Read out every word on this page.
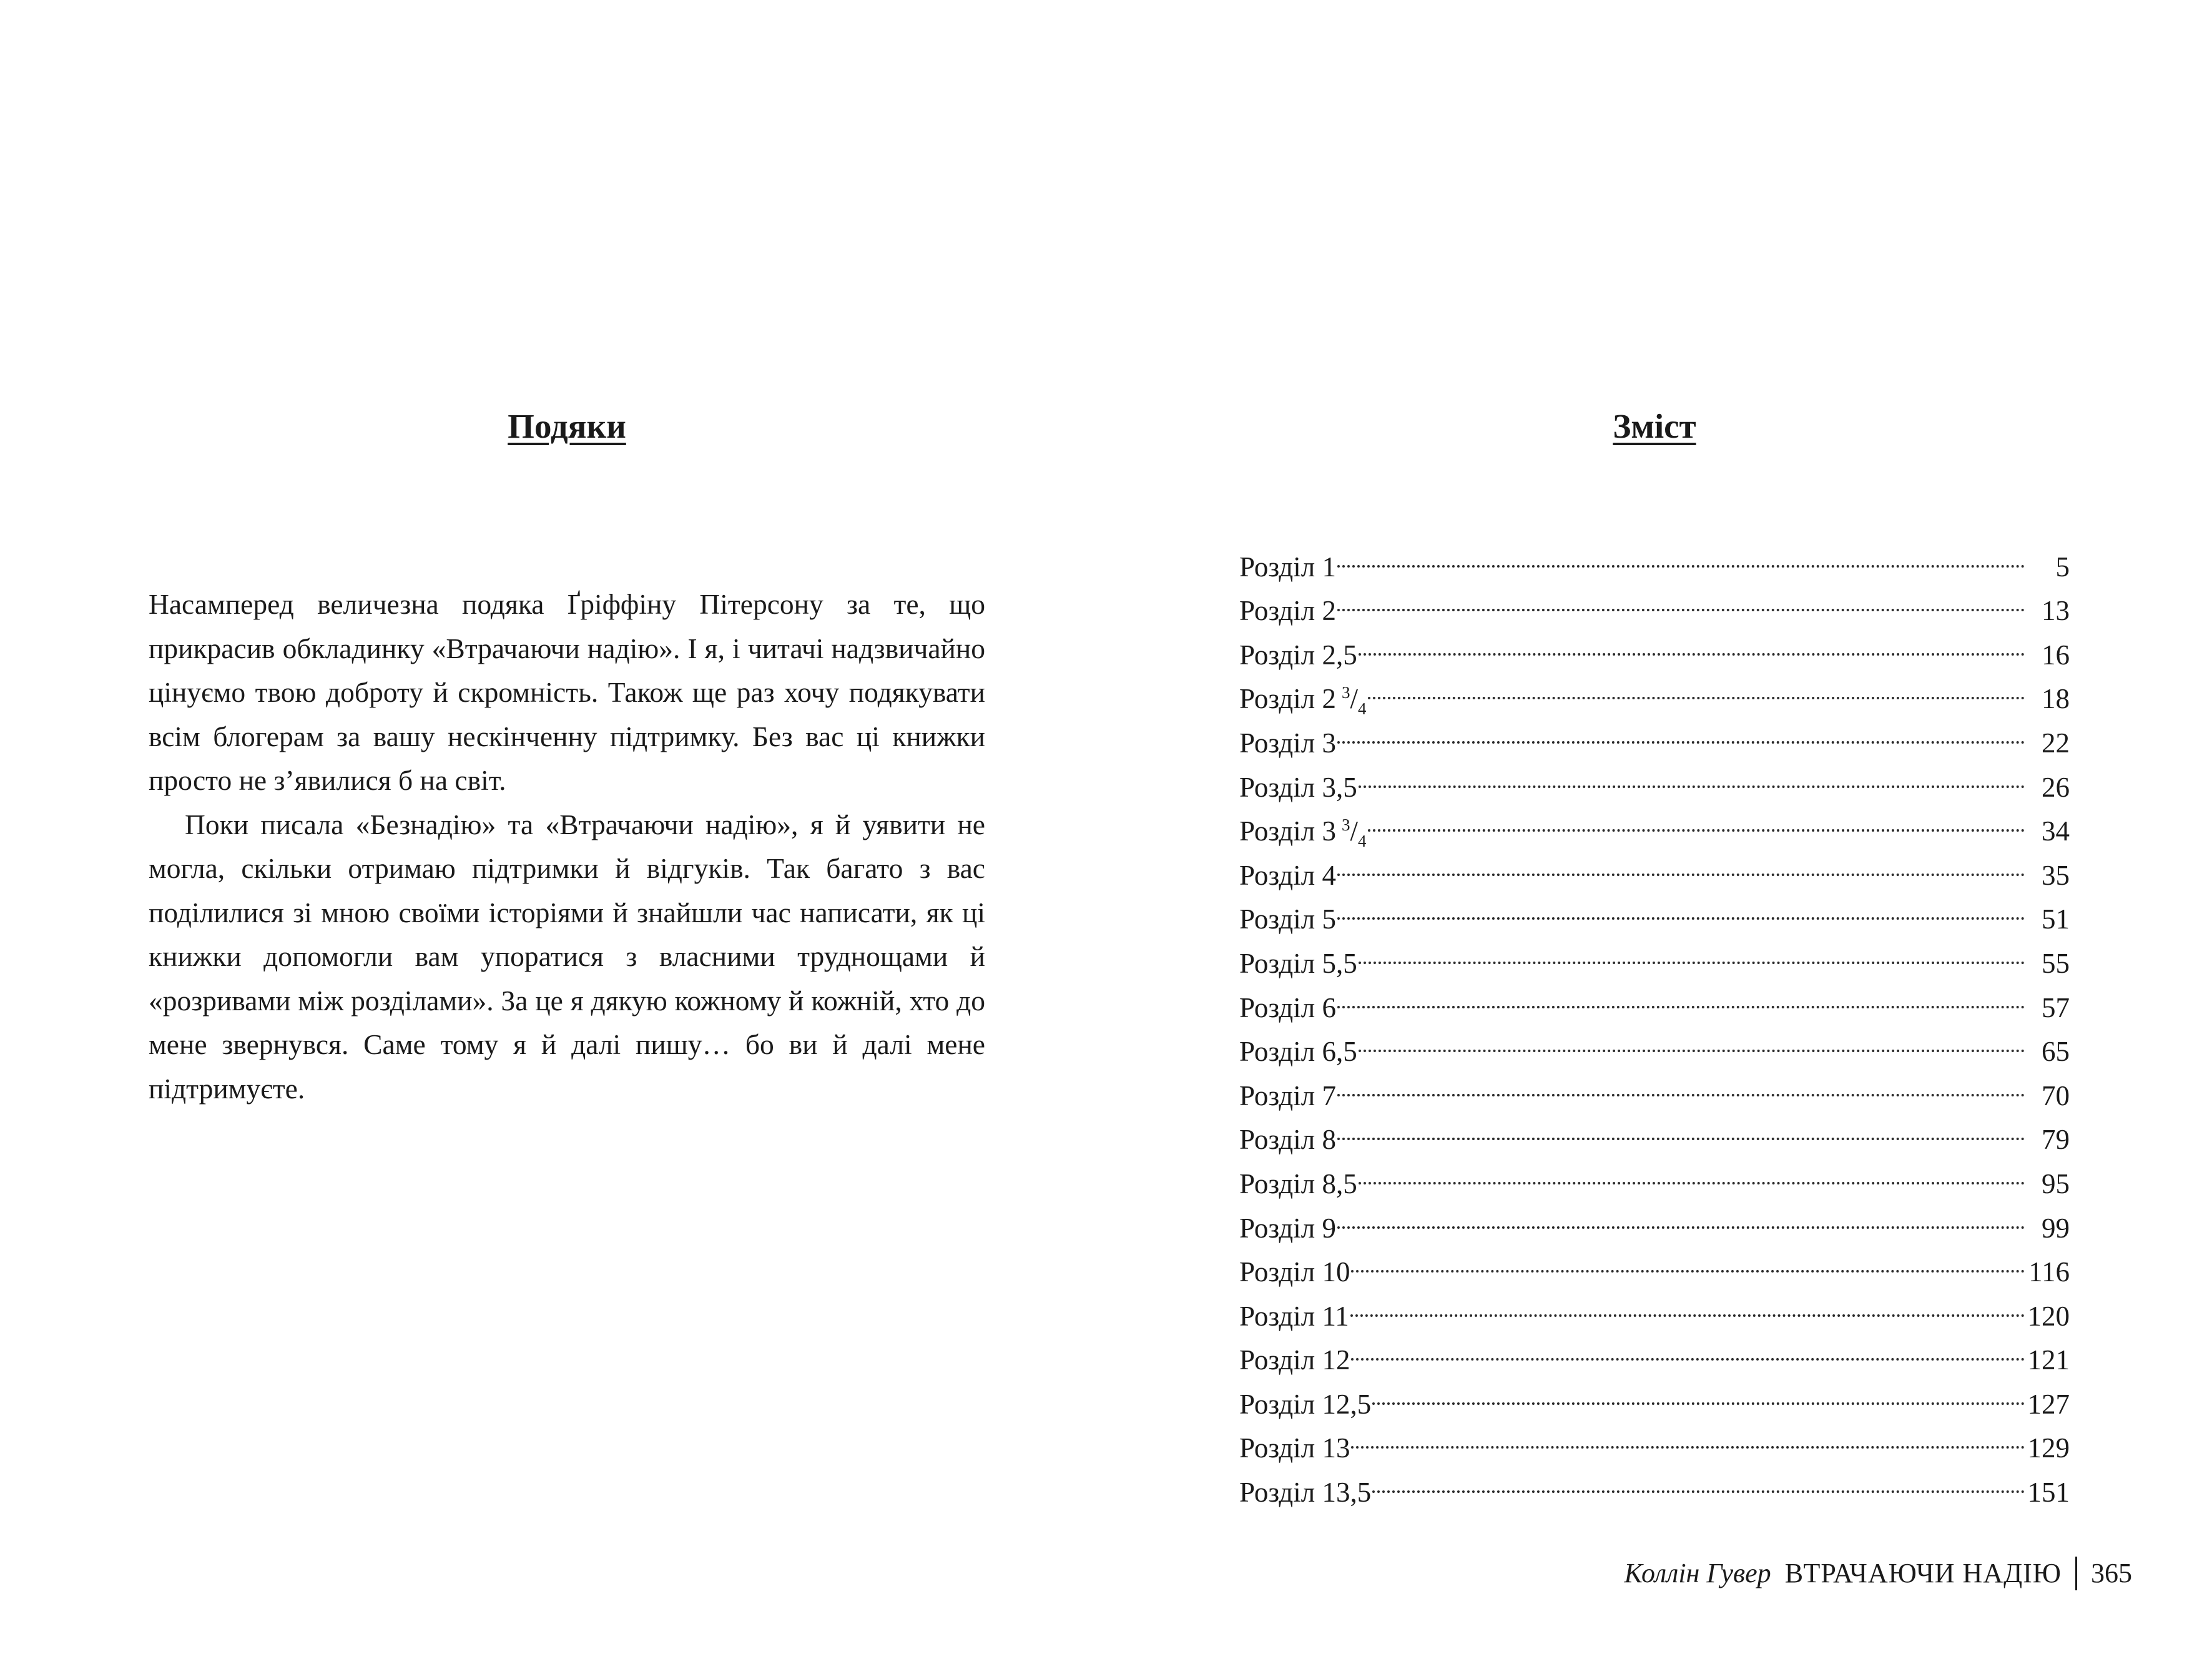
Подяки

Насамперед величезна подяка Ґріффіну Пітерсону за те, що прикрасив обкладинку «Втрачаючи надію». І я, і читачі надзвичайно цінуємо твою доброту й скромність. Також ще раз хочу подякувати всім блогерам за вашу нескінченну підтримку. Без вас ці книжки просто не з’явилися б на світ.

Поки писала «Безнадію» та «Втрачаючи надію», я й уявити не могла, скільки отримаю підтримки й відгуків. Так багато з вас поділилися зі мною своїми історіями й знайшли час написати, як ці книжки допомогли вам упоратися з власними труднощами й «розривами між розділами». За це я дякую кожному й кожній, хто до мене звернувся. Саме тому я й далі пишу… бо ви й далі мене підтримуєте.

Зміст
Розділ 1	5
Розділ 2	13
Розділ 2,5	16
Розділ 2  $^3/_4$	18
Розділ 3	22
Розділ 3,5	26
Розділ 3  $^3/_4$	34
Розділ 4	35
Розділ 5	51
Розділ 5,5	55
Розділ 6	57
Розділ 6,5	65
Розділ 7	70
Розділ 8	79
Розділ 8,5	95
Розділ 9	99
Розділ 10	116
Розділ 11	120
Розділ 12	121
Розділ 12,5	127
Розділ 13	129
Розділ 13,5	151
Коллін Гувер ВТРАЧАЮЧИ НАДІЮ 365
